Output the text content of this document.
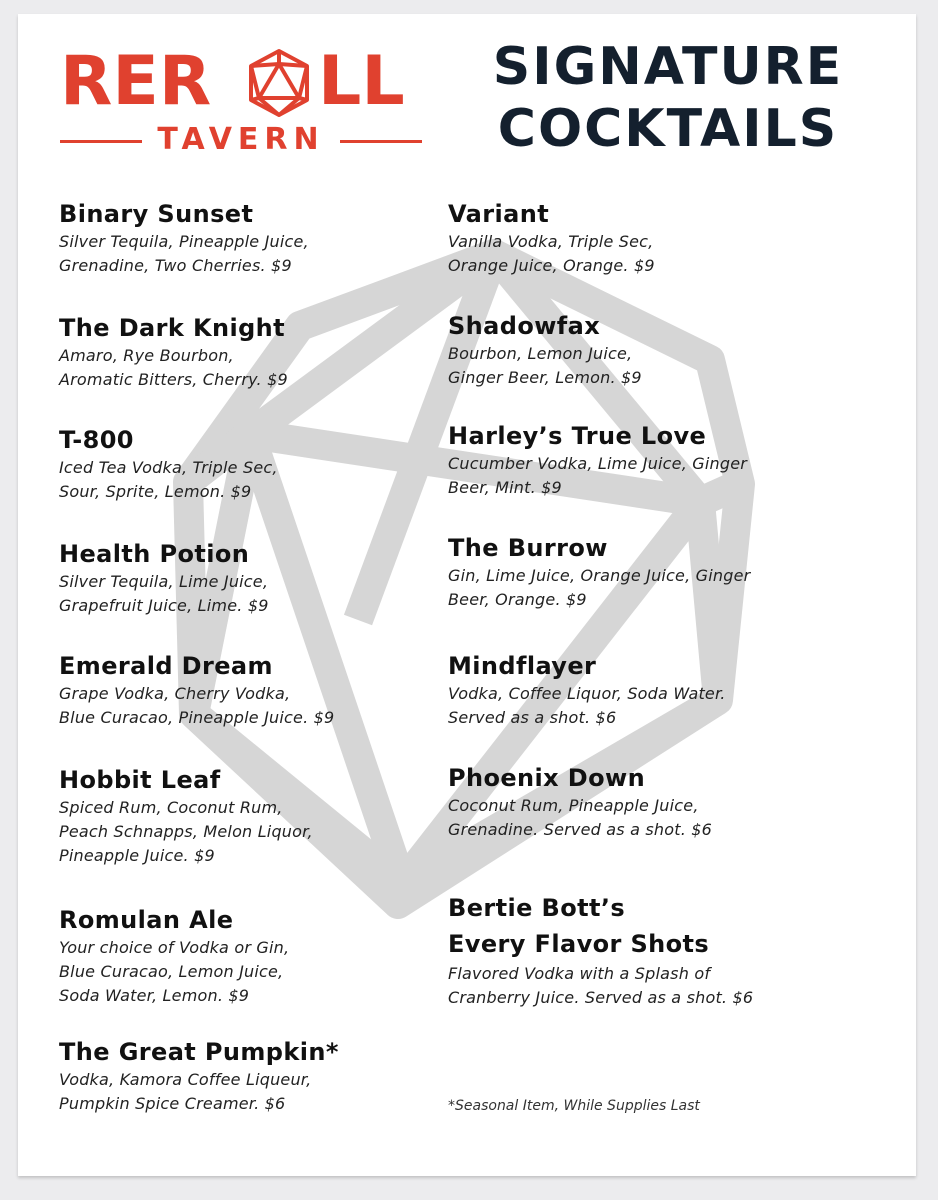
RER LL
TAVERN
SIGNATURE
COCKTAILS
Binary Sunset
Silver Tequila, Pineapple Juice,
Grenadine, Two Cherries. $9
The Dark Knight
Amaro, Rye Bourbon,
Aromatic Bitters, Cherry. $9
T-800
Iced Tea Vodka, Triple Sec,
Sour, Sprite, Lemon. $9
Health Potion
Silver Tequila, Lime Juice,
Grapefruit Juice, Lime. $9
Emerald Dream
Grape Vodka, Cherry Vodka,
Blue Curacao, Pineapple Juice. $9
Hobbit Leaf
Spiced Rum, Coconut Rum,
Peach Schnapps, Melon Liquor,
Pineapple Juice. $9
Romulan Ale
Your choice of Vodka or Gin,
Blue Curacao, Lemon Juice,
Soda Water, Lemon. $9
The Great Pumpkin*
Vodka, Kamora Coffee Liqueur,
Pumpkin Spice Creamer. $6
Variant
Vanilla Vodka, Triple Sec,
Orange Juice, Orange. $9
Shadowfax
Bourbon, Lemon Juice,
Ginger Beer, Lemon. $9
Harley’s True Love
Cucumber Vodka, Lime Juice, Ginger
Beer, Mint. $9
The Burrow
Gin, Lime Juice, Orange Juice, Ginger
Beer, Orange. $9
Mindflayer
Vodka, Coffee Liquor, Soda Water.
Served as a shot. $6
Phoenix Down
Coconut Rum, Pineapple Juice,
Grenadine. Served as a shot. $6
Bertie Bott’s
Every Flavor Shots
Flavored Vodka with a Splash of
Cranberry Juice. Served as a shot. $6
*Seasonal Item, While Supplies Last
